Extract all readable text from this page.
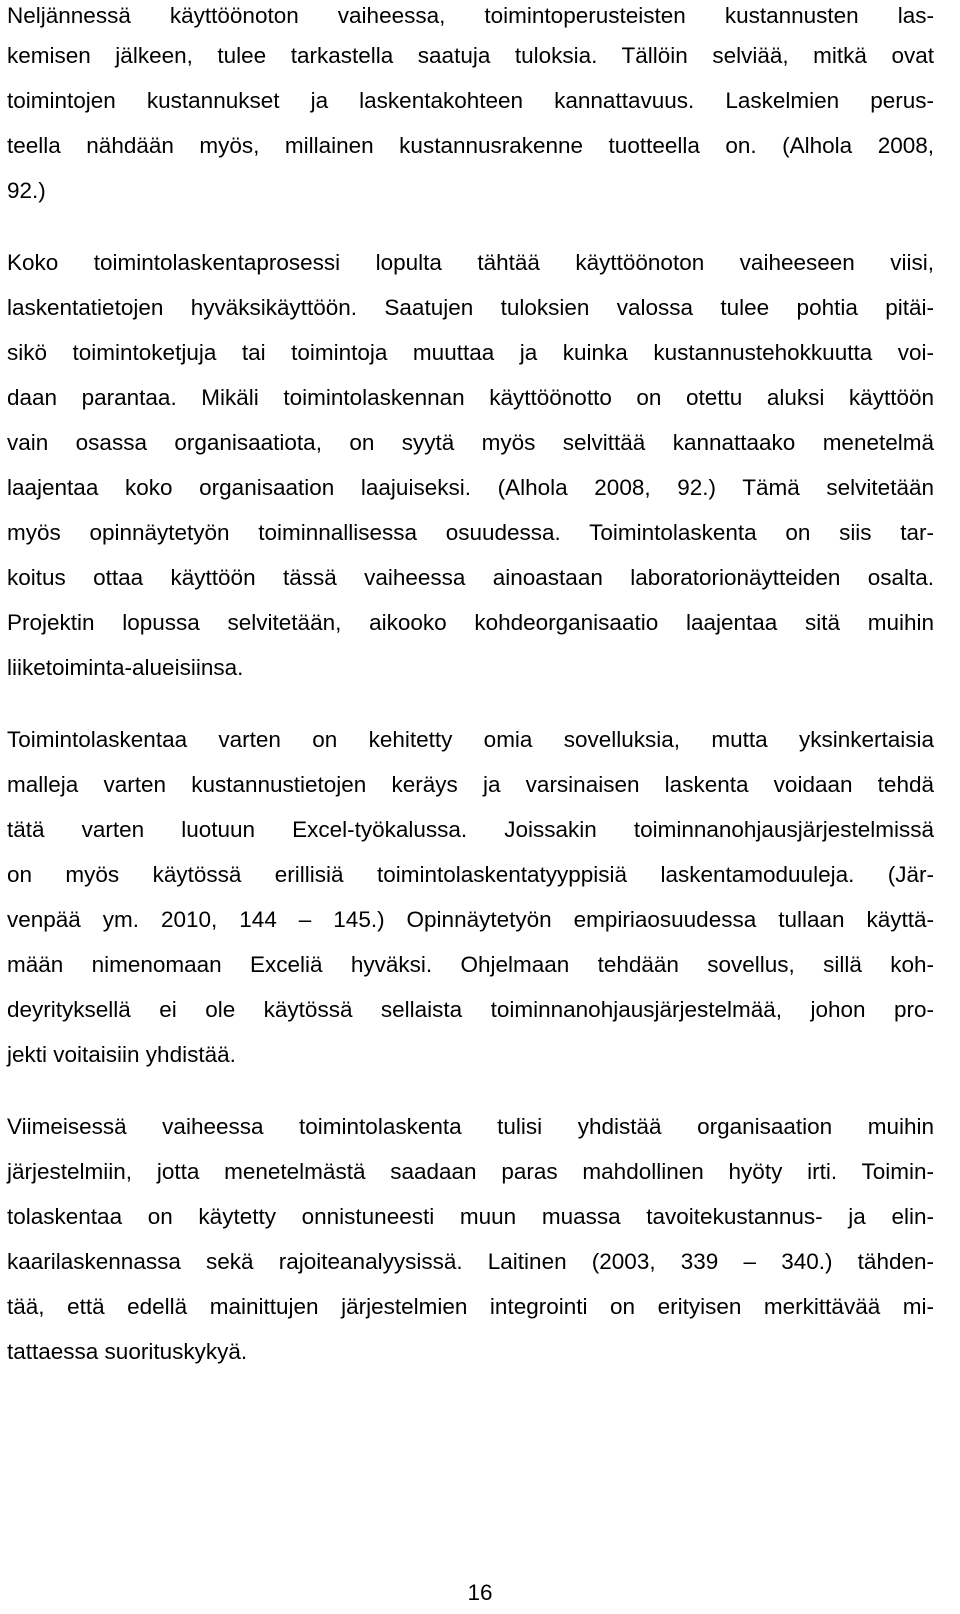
Neljännessä käyttöönoton vaiheessa, toimintoperusteisten kustannusten las-
kemisen jälkeen, tulee tarkastella saatuja tuloksia. Tällöin selviää, mitkä ovat
toimintojen kustannukset ja laskentakohteen kannattavuus. Laskelmien perus-
teella nähdään myös, millainen kustannusrakenne tuotteella on. (Alhola 2008,
92.)
Koko toimintolaskentaprosessi lopulta tähtää käyttöönoton vaiheeseen viisi,
laskentatietojen hyväksikäyttöön. Saatujen tuloksien valossa tulee pohtia pitäi-
sikö toimintoketjuja tai toimintoja muuttaa ja kuinka kustannustehokkuutta voi-
daan parantaa. Mikäli toimintolaskennan käyttöönotto on otettu aluksi käyttöön
vain osassa organisaatiota, on syytä myös selvittää kannattaako menetelmä
laajentaa koko organisaation laajuiseksi. (Alhola 2008, 92.) Tämä selvitetään
myös opinnäytetyön toiminnallisessa osuudessa. Toimintolaskenta on siis tar-
koitus ottaa käyttöön tässä vaiheessa ainoastaan laboratorionäytteiden osalta.
Projektin lopussa selvitetään, aikooko kohdeorganisaatio laajentaa sitä muihin
liiketoiminta-alueisiinsa.
Toimintolaskentaa varten on kehitetty omia sovelluksia, mutta yksinkertaisia
malleja varten kustannustietojen keräys ja varsinaisen laskenta voidaan tehdä
tätä varten luotuun Excel-työkalussa. Joissakin toiminnanohjausjärjestelmissä
on myös käytössä erillisiä toimintolaskentatyyppisiä laskentamoduuleja. (Jär-
venpää ym. 2010, 144 – 145.) Opinnäytetyön empiriaosuudessa tullaan käyttä-
mään nimenomaan Exceliä hyväksi. Ohjelmaan tehdään sovellus, sillä koh-
deyrityksellä ei ole käytössä sellaista toiminnanohjausjärjestelmää, johon pro-
jekti voitaisiin yhdistää.
Viimeisessä vaiheessa toimintolaskenta tulisi yhdistää organisaation muihin
järjestelmiin, jotta menetelmästä saadaan paras mahdollinen hyöty irti. Toimin-
tolaskentaa on käytetty onnistuneesti muun muassa tavoitekustannus- ja elin-
kaarilaskennassa sekä rajoiteanalyysissä. Laitinen (2003, 339 – 340.) tähden-
tää, että edellä mainittujen järjestelmien integrointi on erityisen merkittävää mi-
tattaessa suorituskykyä.
16
